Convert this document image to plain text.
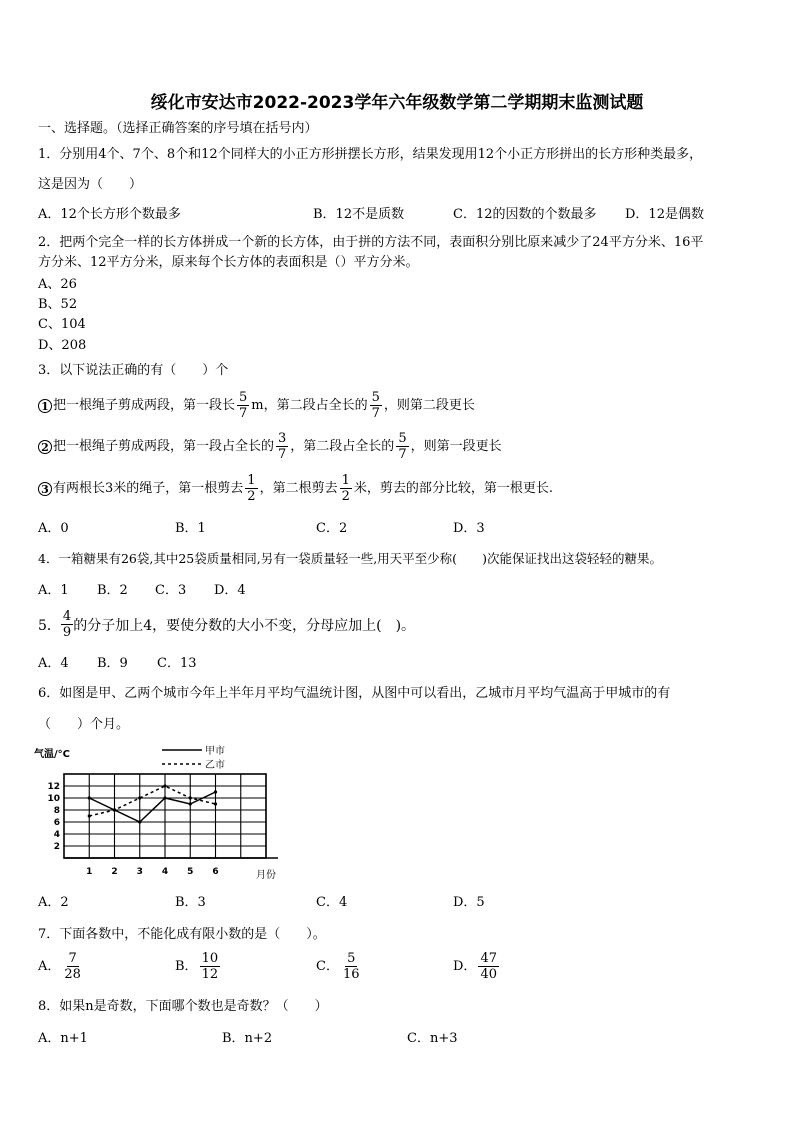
绥化市安达市2022-2023学年六年级数学第二学期期末监测试题
一、选择题。（选择正确答案的序号填在括号内）
1．分别用4个、7个、8个和12个同样大的小正方形拼摆长方形，结果发现用12个小正方形拼出的长方形种类最多，
这是因为（　　）
A．12个长方形个数最多	B．12不是质数	C．12的因数的个数最多 D．12是偶数
2．把两个完全一样的长方体拼成一个新的长方体，由于拼的方法不同，表面积分别比原来减少了24平方分米、16平
方分米、12平方分米，原来每个长方体的表面积是（）平方分米。
A、26
B、52
C、104
D、208
3．以下说法正确的有（　　）个
1 把一根绳子剪成两段，第一段长 $\frac{5}{7}$ m，第二段占全长的 $\frac{5}{7}$ ，则第二段更长
2 把一根绳子剪成两段，第一段占全长的 $\frac{3}{7}$ ，第二段占全长的 $\frac{5}{7}$ ，则第一段更长
3 有两根长3米的绳子，第一根剪去 $\frac{1}{2}$ ，第二根剪去 $\frac{1}{2}$ 米，剪去的部分比较，第一根更长.
A．0	B．1	C．2	D．3
4．一箱糖果有26袋,其中25袋质量相同,另有一袋质量轻一些,用天平至少称(　　)次能保证找出这袋轻轻的糖果。
A．1 B．2 C．3 D．4
5． $\frac{4}{9}$ 的分子加上4，要使分数的大小不变，分母应加上(　)。
A．4 B．9 C．13
6．如图是甲、乙两个城市今年上半年月平均气温统计图，从图中可以看出，乙城市月平均气温高于甲城市的有
（　　）个月。
2
4
6
8
10
12
1 2 3 4 5 6
气温/°C
月份
甲市
乙市
A．2	B．3	C．4	D．5
7．下面各数中，不能化成有限小数的是（　　）。
A． $\frac{7}{28}$	B． $\frac{10}{12}$	C． $\frac{5}{16}$	D． $\frac{47}{40}$
8．如果n是奇数，下面哪个数也是奇数？（　　）
A．n+1	B．n+2	C．n+3
